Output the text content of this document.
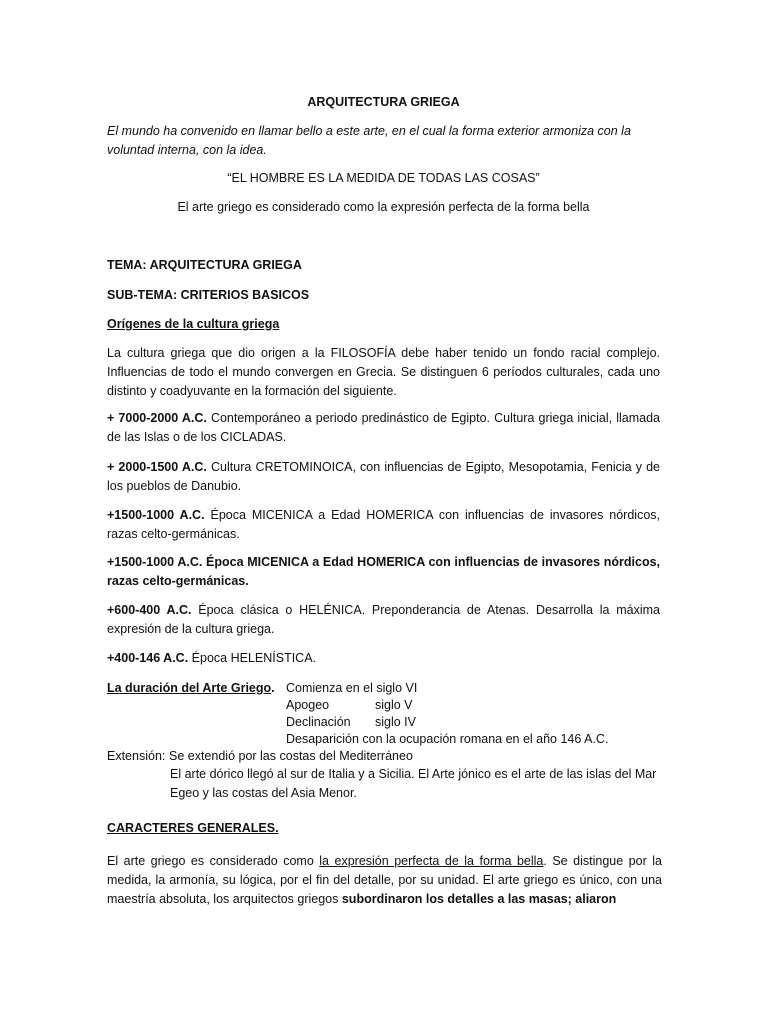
ARQUITECTURA GRIEGA

El mundo ha convenido en llamar bello a este arte, en el cual la forma exterior armoniza con la voluntad interna, con la idea.

“EL HOMBRE ES LA MEDIDA DE TODAS LAS COSAS”

El arte griego es considerado como la expresión perfecta de la forma bella

TEMA: ARQUITECTURA GRIEGA

SUB-TEMA: CRITERIOS BASICOS

Orígenes de la cultura griega

La cultura griega que dio origen a la FILOSOFÍA debe haber tenido un fondo racial complejo. Influencias de todo el mundo convergen en Grecia. Se distinguen 6 períodos culturales, cada uno distinto y coadyuvante en la formación del siguiente.

+ 7000-2000 A.C. Contemporáneo a periodo predinástico de Egipto. Cultura griega inicial, llamada de las Islas o de los CICLADAS.

+ 2000-1500 A.C. Cultura CRETOMINOICA, con influencias de Egipto, Mesopotamia, Fenicia y de los pueblos de Danubio.

+1500-1000 A.C. Época MICENICA a Edad HOMERICA con influencias de invasores nórdicos, razas celto-germánicas.

+1500-1000 A.C. Época MICENICA a Edad HOMERICA con influencias de invasores nórdicos, razas celto-germánicas.

+600-400 A.C. Época clásica o HELÉNICA. Preponderancia de Atenas. Desarrolla la máxima expresión de la cultura griega.

+400-146 A.C. Época HELENÍSTICA.

La duración del Arte Griego. Comienza en el siglo VI
Apogeo	siglo V
Declinación siglo IV
Desaparición con la ocupación romana en el año 146 A.C.
Extensión: Se extendió por las costas del Mediterráneo

El arte dórico llegó al sur de Italia y a Sicilia. El Arte jónico es el arte de las islas del Mar Egeo y las costas del Asia Menor.

CARACTERES GENERALES.

El arte griego es considerado como la expresión perfecta de la forma bella. Se distingue por la medida, la armonía, su lógica, por el fin del detalle, por su unidad. El arte griego es único, con una maestría absoluta, los arquitectos griegos subordinaron los detalles a las masas; aliaron
